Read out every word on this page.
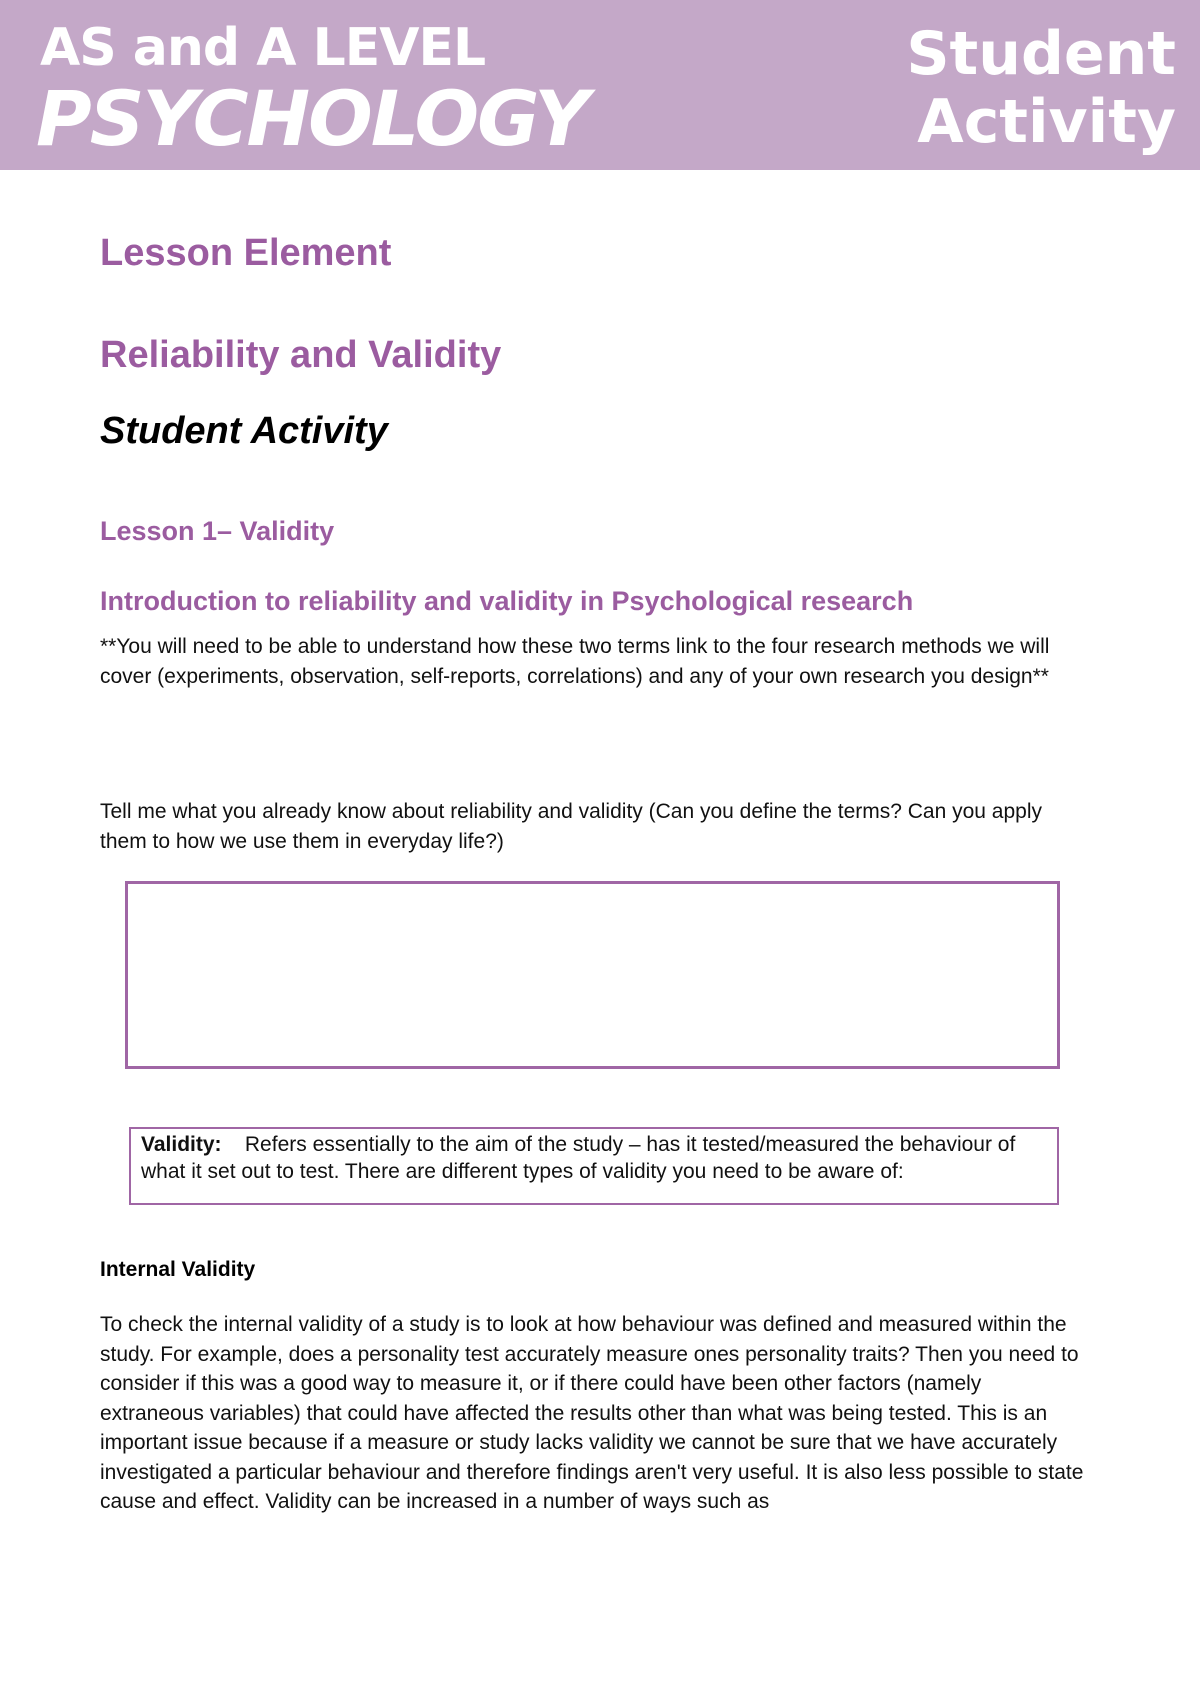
AS and A LEVEL
PSYCHOLOGY
Student
Activity
Lesson Element
Reliability and Validity
Student Activity
Lesson 1– Validity
Introduction to reliability and validity in Psychological research

**You will need to be able to understand how these two terms link to the four research methods we will cover (experiments, observation, self-reports, correlations) and any of your own research you design**

Tell me what you already know about reliability and validity (Can you define the terms? Can you apply them to how we use them in everyday life?)

Validity: Refers essentially to the aim of the study – has it tested/measured the behaviour of what it set out to test. There are different types of validity you need to be aware of:
Internal Validity

To check the internal validity of a study is to look at how behaviour was defined and measured within the study. For example, does a personality test accurately measure ones personality traits? Then you need to consider if this was a good way to measure it, or if there could have been other factors (namely extraneous variables) that could have affected the results other than what was being tested. This is an important issue because if a measure or study lacks validity we cannot be sure that we have accurately investigated a particular behaviour and therefore findings aren't very useful. It is also less possible to state cause and effect. Validity can be increased in a number of ways such as
